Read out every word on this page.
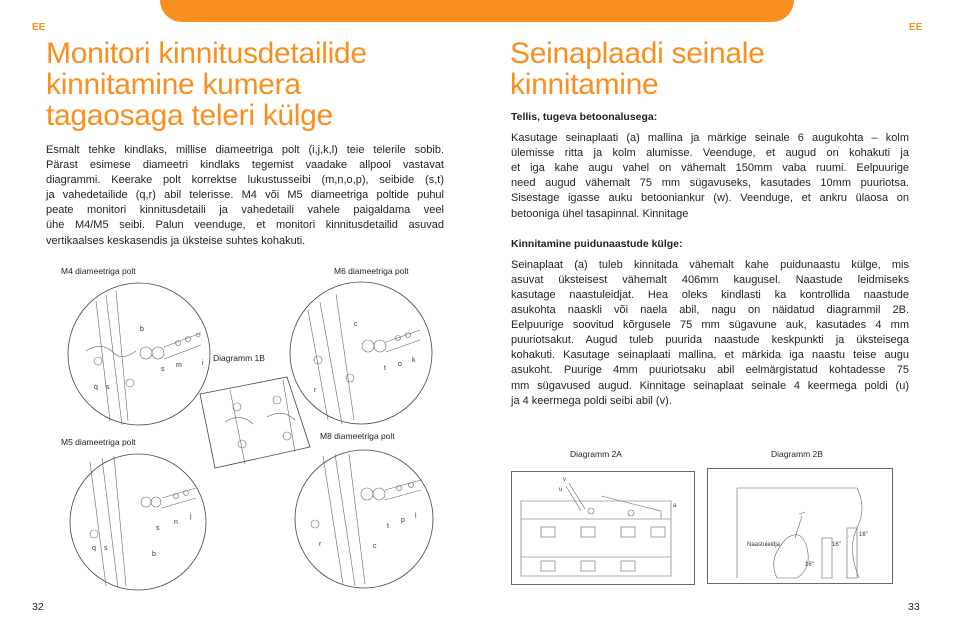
EE	EE
Monitori kinnitusdetailide
kinnitamine kumera
tagaosaga teleri külge
Esmalt tehke kindlaks, millise diameetriga polt (i,j,k,l) teie telerile sobib.
Pärast esimese diameetri kindlaks tegemist vaadake allpool vastavat
diagrammi. Keerake polt korrektse lukustusseibi (m,n,o,p), seibide (s,t)
ja vahedetailide (q,r) abil telerisse. M4 või M5 diameetriga poltide puhul
peate monitori kinnitusdetaili ja vahedetaili vahele paigaldama veel
ühe M4/M5 seibi. Palun veenduge, et monitori kinnitusdetailid asuvad
vertikaalses keskasendis ja üksteise suhtes kohakuti.
M4 diameetriga polt	M6 diameetriga polt
Diagramm 1B
M5 diameetriga polt
M8 diameetriga polt
b
s
m	i
q s
c
t
o
k
r
s
n
j
q s
b
t
p
l
r	c
32
Seinaplaadi seinale
kinnitamine
Tellis, tugeva betoonalusega:
Kasutage seinaplaati (a) mallina ja märkige seinale 6 augukohta – kolm
ülemisse ritta ja kolm alumisse. Veenduge, et augud on kohakuti ja
et iga kahe augu vahel on vähemalt 150mm vaba ruumi. Eelpuurige
need augud vähemalt 75 mm sügavuseks, kasutades 10mm puuriotsa.
Sisestage igasse auku betooniankur (w). Veenduge, et ankru ülaosa on
betooniga ühel tasapinnal. Kinnitage
Kinnitamine puidunaastude külge:
Seinaplaat (a) tuleb kinnitada vähemalt kahe puidunaastu külge, mis
asuvat üksteisest vähemalt 406mm kaugusel. Naastude leidmiseks
kasutage naastuleidjat. Hea oleks kindlasti ka kontrollida naastude
asukohta naaskli või naela abil, nagu on näidatud diagrammil 2B.
Eelpuurige soovitud kõrgusele 75 mm sügavune auk, kasutades 4 mm
puuriotsakut. Augud tuleb puurida naastude keskpunkti ja üksteisega
kohakuti. Kasutage seinaplaati mallina, et märkida iga naastu teise augu
asukoht. Puurige 4mm puuriotsaku abil eelmärgistatud kohtadesse 75
mm sügavused augud. Kinnitage seinaplaat seinale 4 keermega poldi (u)
ja 4 keermega poldi seibi abil (v).
Diagramm 2A	Diagramm 2B
v
u
a
16"
16"
16"
Naastuleidja
33
